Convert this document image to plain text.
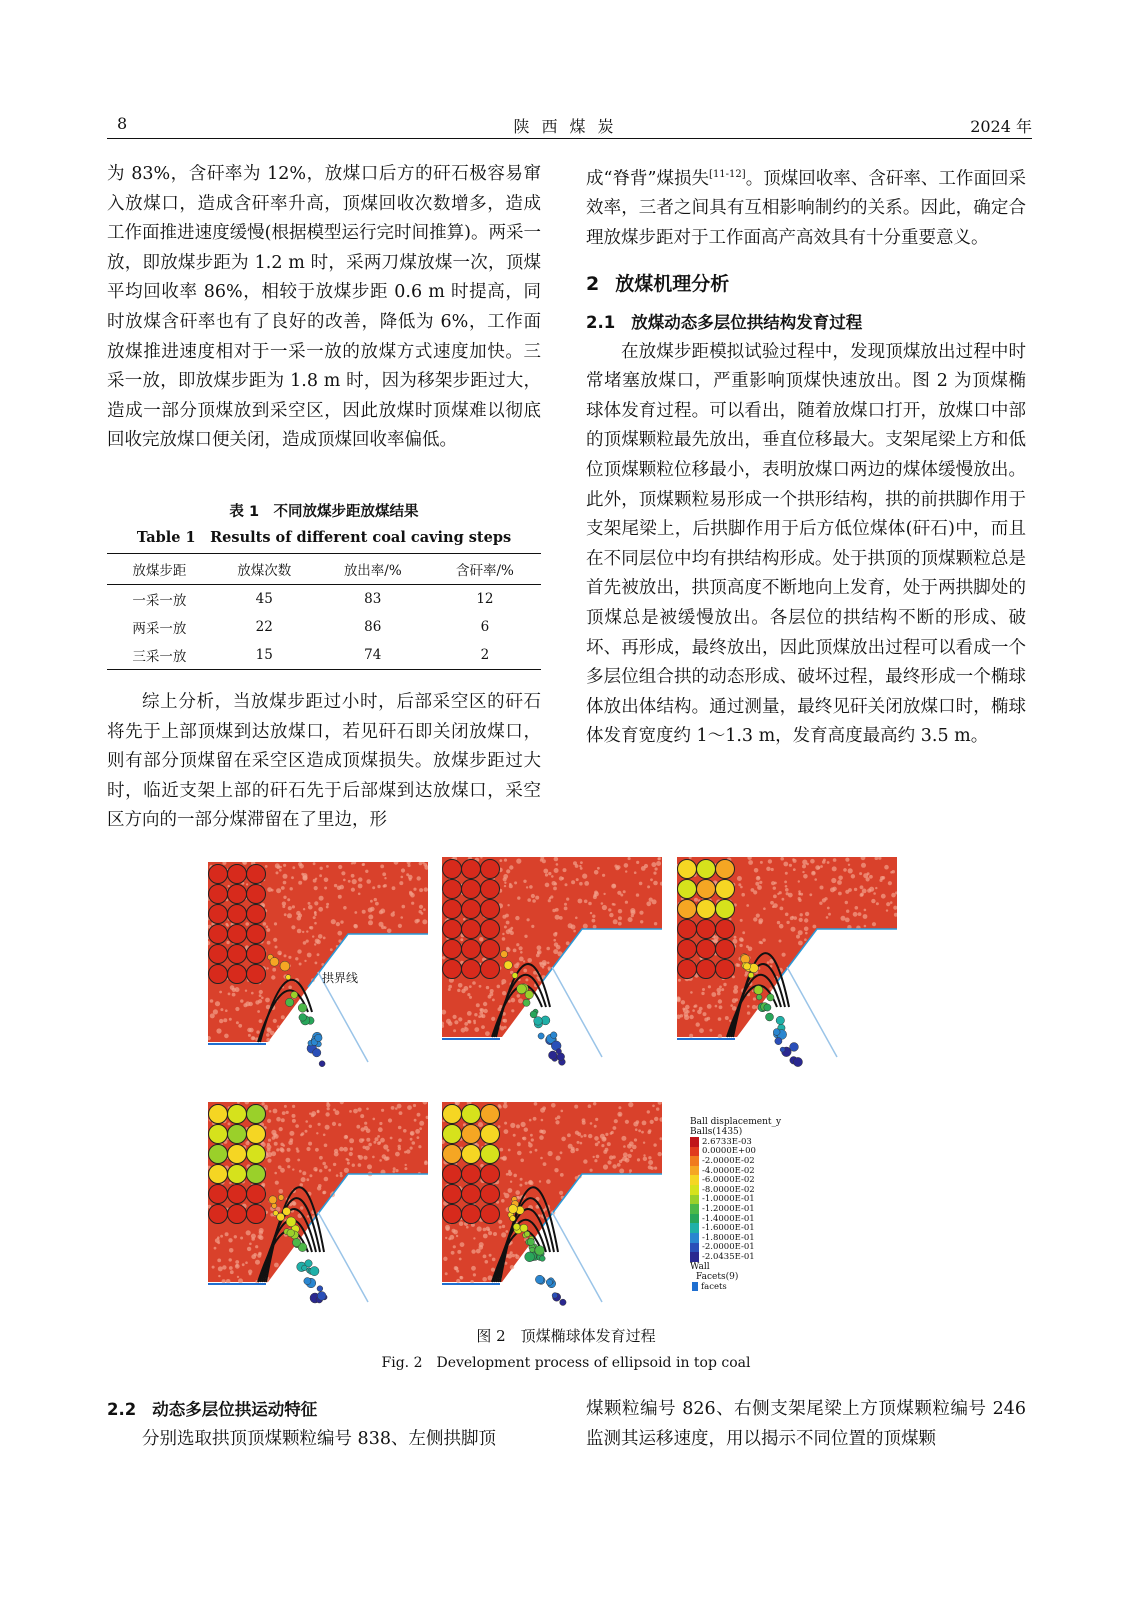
8	陕西煤炭	2024 年

为 83%，含矸率为 12%，放煤口后方的矸石极容易窜入放煤口，造成含矸率升高，顶煤回收次数增多，造成工作面推进速度缓慢(根据模型运行完时间推算)。两采一放，即放煤步距为 1.2 m 时，采两刀煤放煤一次，顶煤平均回收率 86%，相较于放煤步距 0.6 m 时提高，同时放煤含矸率也有了良好的改善，降低为 6%，工作面放煤推进速度相对于一采一放的放煤方式速度加快。三采一放，即放煤步距为 1.8 m 时，因为移架步距过大，造成一部分顶煤放到采空区，因此放煤时顶煤难以彻底回收完放煤口便关闭，造成顶煤回收率偏低。

表 1　不同放煤步距放煤结果
Table 1　Results of different coal caving steps
放煤步距	放煤次数	放出率/%	含矸率/%
一采一放	45	83	12
两采一放	22	86	6
三采一放	15	74	2

综上分析，当放煤步距过小时，后部采空区的矸石将先于上部顶煤到达放煤口，若见矸石即关闭放煤口，则有部分顶煤留在采空区造成顶煤损失。放煤步距过大时，临近支架上部的矸石先于后部煤到达放煤口，采空区方向的一部分煤滞留在了里边，形

成“脊背”煤损失[11-12]。顶煤回收率、含矸率、工作面回采效率，三者之间具有互相影响制约的关系。因此，确定合理放煤步距对于工作面高产高效具有十分重要意义。

2 放煤机理分析
2.1 放煤动态多层位拱结构发育过程

在放煤步距模拟试验过程中，发现顶煤放出过程中时常堵塞放煤口，严重影响顶煤快速放出。图 2 为顶煤椭球体发育过程。可以看出，随着放煤口打开，放煤口中部的顶煤颗粒最先放出，垂直位移最大。支架尾梁上方和低位顶煤颗粒位移最小，表明放煤口两边的煤体缓慢放出。此外，顶煤颗粒易形成一个拱形结构，拱的前拱脚作用于支架尾梁上，后拱脚作用于后方低位煤体(矸石)中，而且在不同层位中均有拱结构形成。处于拱顶的顶煤颗粒总是首先被放出，拱顶高度不断地向上发育，处于两拱脚处的顶煤总是被缓慢放出。各层位的拱结构不断的形成、破坏、再形成，最终放出，因此顶煤放出过程可以看成一个多层位组合拱的动态形成、破坏过程，最终形成一个椭球体放出体结构。通过测量，最终见矸关闭放煤口时，椭球体发育宽度约 1～1.3 m，发育高度最高约 3.5 m。

拱界线

Ball displacement_y

Balls(1435)

2.6733E-03
0.0000E+00
-2.0000E-02
-4.0000E-02
-6.0000E-02
-8.0000E-02
-1.0000E-01
-1.2000E-01
-1.4000E-01
-1.6000E-01
-1.8000E-01
-2.0000E-01
-2.0435E-01

Wall

Facets(9)

facets
图 2　顶煤椭球体发育过程
Fig. 2　Development process of ellipsoid in top coal
2.2 动态多层位拱运动特征

分别选取拱顶顶煤颗粒编号 838、左侧拱脚顶

煤颗粒编号 826、右侧支架尾梁上方顶煤颗粒编号 246 监测其运移速度，用以揭示不同位置的顶煤颗
